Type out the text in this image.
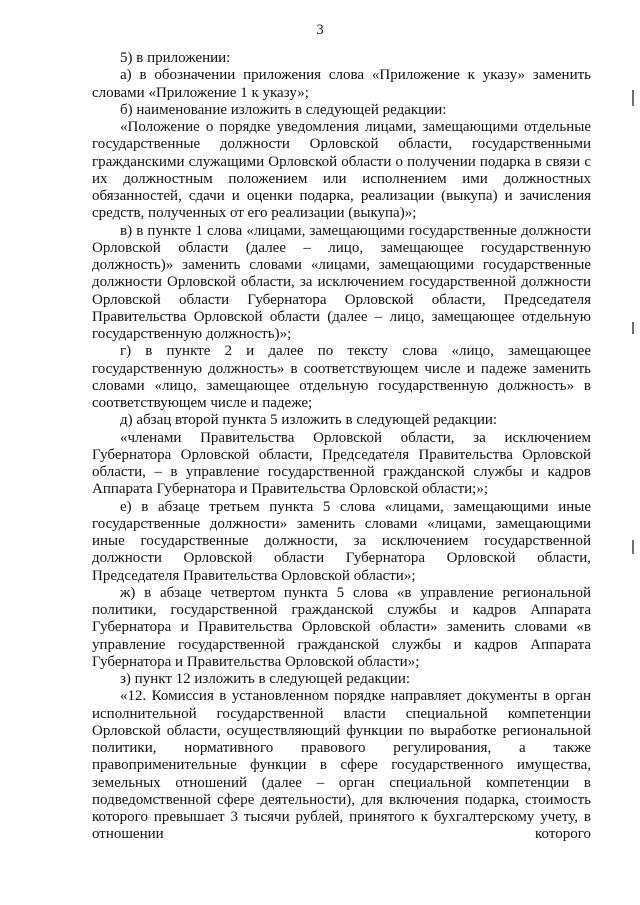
3

5) в приложении:

а) в обозначении приложения слова «Приложение к указу» заменить словами «Приложение 1 к указу»;

б) наименование изложить в следующей редакции:

«Положение о порядке уведомления лицами, замещающими отдельные государственные должности Орловской области, государственными гражданскими служащими Орловской области о получении подарка в связи с их должностным положением или исполнением ими должностных обязанностей, сдачи и оценки подарка, реализации (выкупа) и зачисления средств, полученных от его реализации (выкупа)»;

в) в пункте 1 слова «лицами, замещающими государственные должности Орловской области (далее – лицо, замещающее государственную должность)» заменить словами «лицами, замещающими государственные должности Орловской области, за исключением государственной должности Орловской области Губернатора Орловской области, Председателя Правительства Орловской области (далее – лицо, замещающее отдельную государственную должность)»;

г) в пункте 2 и далее по тексту слова «лицо, замещающее государственную должность» в соответствующем числе и падеже заменить словами «лицо, замещающее отдельную государственную должность» в соответствующем числе и падеже;

д) абзац второй пункта 5 изложить в следующей редакции:

«членами Правительства Орловской области, за исключением Губернатора Орловской области, Председателя Правительства Орловской области, – в управление государственной гражданской службы и кадров Аппарата Губернатора и Правительства Орловской области;»;

е) в абзаце третьем пункта 5 слова «лицами, замещающими иные государственные должности» заменить словами «лицами, замещающими иные государственные должности, за исключением государственной должности Орловской области Губернатора Орловской области, Председателя Правительства Орловской области»;

ж) в абзаце четвертом пункта 5 слова «в управление региональной политики, государственной гражданской службы и кадров Аппарата Губернатора и Правительства Орловской области» заменить словами «в управление государственной гражданской службы и кадров Аппарата Губернатора и Правительства Орловской области»;

з) пункт 12 изложить в следующей редакции:

«12. Комиссия в установленном порядке направляет документы в орган исполнительной государственной власти специальной компетенции Орловской области, осуществляющий функции по выработке региональной политики, нормативного правового регулирования, а также правоприменительные функции в сфере государственного имущества, земельных отношений (далее – орган специальной компетенции в подведомственной сфере деятельности), для включения подарка, стоимость которого превышает 3 тысячи рублей, принятого к бухгалтерскому учету, в отношении которого
